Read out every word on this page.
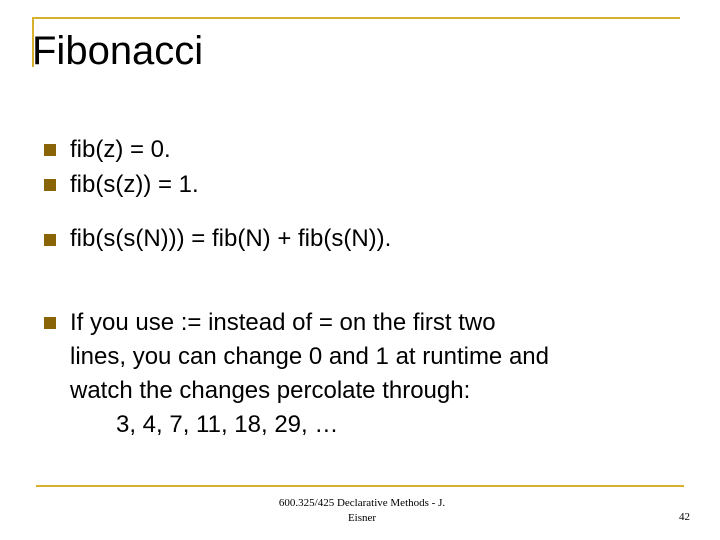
Fibonacci
fib(z) = 0.
fib(s(z)) = 1.
fib(s(s(N))) = fib(N) + fib(s(N)).
If you use := instead of = on the first two
lines, you can change 0 and 1 at runtime and
watch the changes percolate through:
3, 4, 7, 11, 18, 29, …
600.325/425 Declarative Methods - J.
Eisner	42
